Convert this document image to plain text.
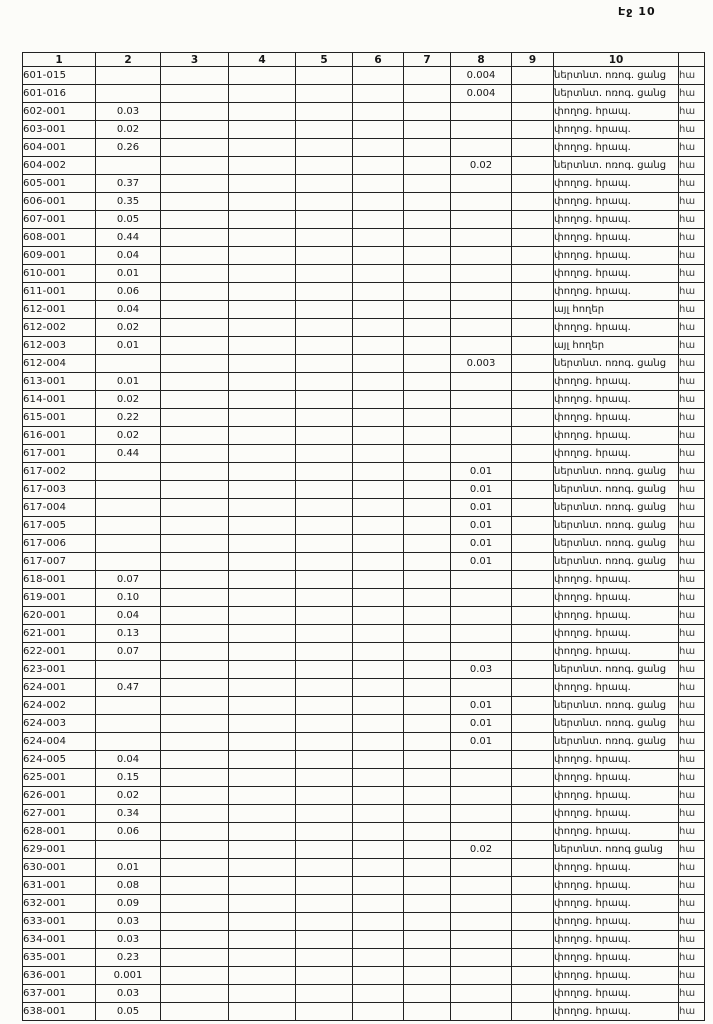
Էջ 10
1	2	3	4	5	6	7	8	9	10	
601-015							0.004		ներտնտ. ոռոգ. ցանց	հա
601-016							0.004		ներտնտ. ոռոգ. ցանց	հա
602-001	0.03								փողոց. հրապ.	հա
603-001	0.02								փողոց. հրապ.	հա
604-001	0.26								փողոց. հրապ.	հա
604-002							0.02		ներտնտ. ոռոգ. ցանց	հա
605-001	0.37								փողոց. հրապ.	հա
606-001	0.35								փողոց. հրապ.	հա
607-001	0.05								փողոց. հրապ.	հա
608-001	0.44								փողոց. հրապ.	հա
609-001	0.04								փողոց. հրապ.	հա
610-001	0.01								փողոց. հրապ.	հա
611-001	0.06								փողոց. հրապ.	հա
612-001	0.04								այլ հողեր	հա
612-002	0.02								փողոց. հրապ.	հա
612-003	0.01								այլ հողեր	հա
612-004							0.003		ներտնտ. ոռոգ. ցանց	հա
613-001	0.01								փողոց. հրապ.	հա
614-001	0.02								փողոց. հրապ.	հա
615-001	0.22								փողոց. հրապ.	հա
616-001	0.02								փողոց. հրապ.	հա
617-001	0.44								փողոց. հրապ.	հա
617-002							0.01		ներտնտ. ոռոգ. ցանց	հա
617-003							0.01		ներտնտ. ոռոգ. ցանց	հա
617-004							0.01		ներտնտ. ոռոգ. ցանց	հա
617-005							0.01		ներտնտ. ոռոգ. ցանց	հա
617-006							0.01		ներտնտ. ոռոգ. ցանց	հա
617-007							0.01		ներտնտ. ոռոգ. ցանց	հա
618-001	0.07								փողոց. հրապ.	հա
619-001	0.10								փողոց. հրապ.	հա
620-001	0.04								փողոց. հրապ.	հա
621-001	0.13								փողոց. հրապ.	հա
622-001	0.07								փողոց. հրապ.	հա
623-001							0.03		ներտնտ. ոռոգ. ցանց	հա
624-001	0.47								փողոց. հրապ.	հա
624-002							0.01		ներտնտ. ոռոգ. ցանց	հա
624-003							0.01		ներտնտ. ոռոգ. ցանց	հա
624-004							0.01		ներտնտ. ոռոգ. ցանց	հա
624-005	0.04								փողոց. հրապ.	հա
625-001	0.15								փողոց. հրապ.	հա
626-001	0.02								փողոց. հրապ.	հա
627-001	0.34								փողոց. հրապ.	հա
628-001	0.06								փողոց. հրապ.	հա
629-001							0.02		ներտնտ. ոռոգ ցանց	հա
630-001	0.01								փողոց. հրապ.	հա
631-001	0.08								փողոց. հրապ.	հա
632-001	0.09								փողոց. հրապ.	հա
633-001	0.03								փողոց. հրապ.	հա
634-001	0.03								փողոց. հրապ.	հա
635-001	0.23								փողոց. հրապ.	հա
636-001	0.001								փողոց. հրապ.	հա
637-001	0.03								փողոց. հրապ.	հա
638-001	0.05								փողոց. հրապ.	հա
